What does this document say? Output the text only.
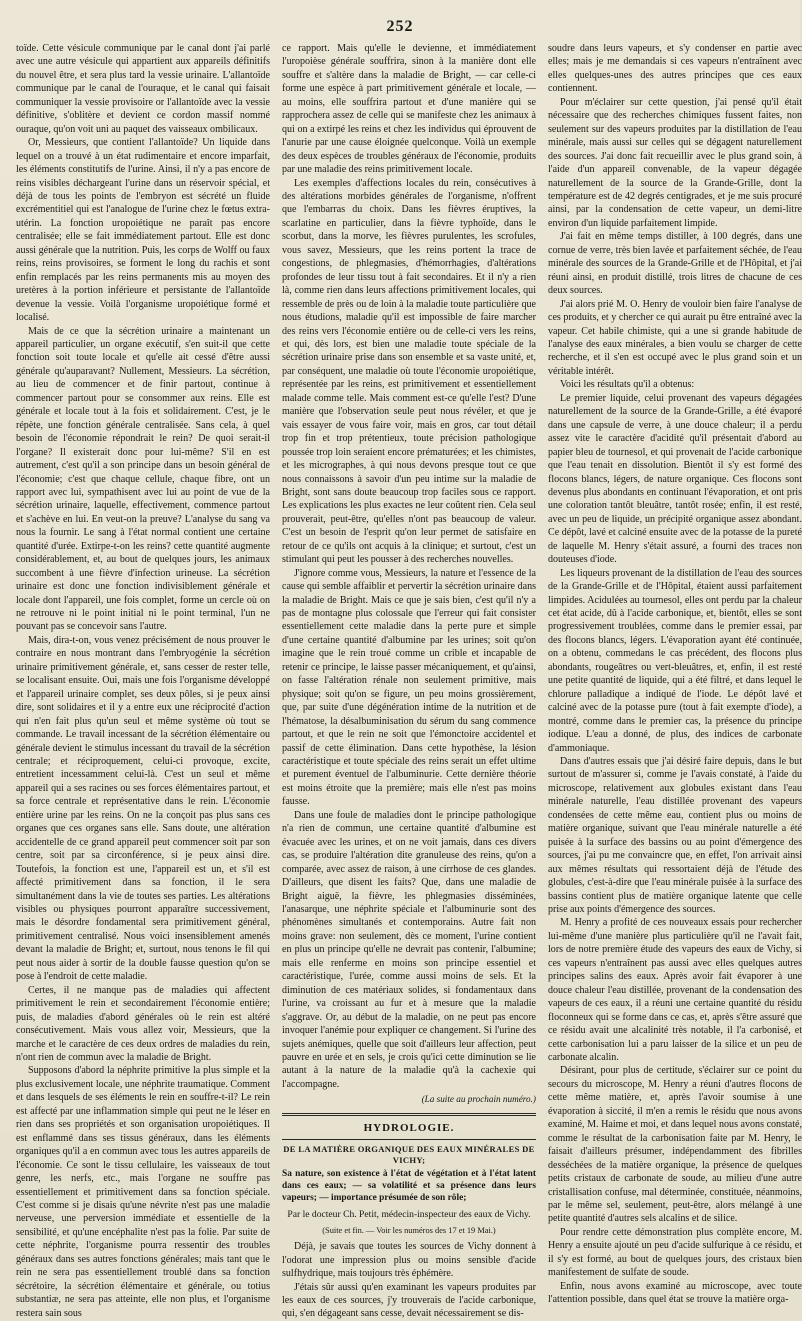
252

toïde. Cette vésicule communique par le canal dont j'ai parlé avec une autre vésicule qui appartient aux appareils définitifs du nouvel être, et sera plus tard la vessie urinaire. L'allantoïde communique par le canal de l'ouraque, et le canal qui faisait communiquer la vessie provisoire or l'allantoïde avec la vessie définitive, s'oblitère et devient ce cordon massif nommé ouraque, qu'on voit uni au paquet des vaisseaux ombilicaux.

Or, Messieurs, que contient l'allantoïde? Un liquide dans lequel on a trouvé à un état rudimentaire et encore imparfait, les éléments constitutifs de l'urine. Ainsi, il n'y a pas encore de reins visibles déchargeant l'urine dans un réservoir spécial, et déjà de tous les points de l'embryon est sécrété un fluide excrémentitiel qui est l'analogue de l'urine chez le fœtus extra-utérin. La fonction uropoiétique ne paraît pas encore centralisée; elle se fait immédiatement partout. Elle est donc aussi générale que la nutrition. Puis, les corps de Wolff ou faux reins, reins provisoires, se forment le long du rachis et sont enfin remplacés par les reins permanents mis au moyen des uretères à la portion inférieure et persistante de l'allantoïde devenue la vessie. Voilà l'organisme uropoiétique formé et localisé.

Mais de ce que la sécrétion urinaire a maintenant un appareil particulier, un organe exécutif, s'en suit-il que cette fonction soit toute locale et qu'elle ait cessé d'être aussi générale qu'auparavant? Nullement, Messieurs. La sécrétion, au lieu de commencer et de finir partout, continue à commencer partout pour se consommer aux reins. Elle est générale et locale tout à la fois et solidairement. C'est, je le répète, une fonction générale centralisée. Sans cela, à quel besoin de l'économie répondrait le rein? De quoi serait-il l'organe? Il existerait donc pour lui-même? S'il en est autrement, c'est qu'il a son principe dans un besoin général de l'économie; c'est que chaque cellule, chaque fibre, ont un rapport avec lui, sympathisent avec lui au point de vue de la sécrétion urinaire, laquelle, effectivement, commence partout et s'achève en lui. En veut-on la preuve? L'analyse du sang va nous la fournir. Le sang à l'état normal contient une certaine quantité d'urée. Extirpe-t-on les reins? cette quantité augmente considérablement, et, au bout de quelques jours, les animaux succombent à une fièvre d'infection urineuse. La sécrétion urinaire est donc une fonction indivisiblement générale et locale dont l'appareil, une fois complet, forme un cercle où on ne retrouve ni le point initial ni le point terminal, l'un ne pouvant pas se concevoir sans l'autre.

Mais, dira-t-on, vous venez précisément de nous prouver le contraire en nous montrant dans l'embryogénie la sécrétion urinaire primitivement générale, et, sans cesser de rester telle, se localisant ensuite. Oui, mais une fois l'organisme développé et l'appareil urinaire complet, ses deux pôles, si je peux ainsi dire, sont solidaires et il y a entre eux une réciprocité d'action qui n'en fait plus qu'un seul et même système où tout se commande. Le travail incessant de la sécrétion élémentaire ou générale devient le stimulus incessant du travail de la sécrétion centrale; et réciproquement, celui-ci provoque, excite, entretient incessamment celui-là. C'est un seul et même appareil qui a ses racines ou ses forces élémentaires partout, et sa force centrale et représentative dans le rein. L'économie entière urine par les reins. On ne la conçoit pas plus sans ces organes que ces organes sans elle. Sans doute, une altération accidentelle de ce grand appareil peut commencer soit par son centre, soit par sa circonférence, si je peux ainsi dire. Toutefois, la fonction est une, l'appareil est un, et s'il est affecté primitivement dans sa fonction, il le sera simultanément dans la vie de toutes ses parties. Les altérations visibles ou physiques pourront apparaître successivement, mais le désordre fondamental sera primitivement général, primitivement centralisé. Nous voici insensiblement amenés devant la maladie de Bright; et, surtout, nous tenons le fil qui peut nous aider à sortir de la double fausse question qu'on se pose à l'endroit de cette maladie.

Certes, il ne manque pas de maladies qui affectent primitivement le rein et secondairement l'économie entière; puis, de maladies d'abord générales où le rein est altéré consécutivement. Mais vous allez voir, Messieurs, que la marche et le caractère de ces deux ordres de maladies du rein, n'ont rien de commun avec la maladie de Bright.

Supposons d'abord la néphrite primitive la plus simple et la plus exclusivement locale, une néphrite traumatique. Comment et dans lesquels de ses éléments le rein en souffre-t-il? Le rein est affecté par une inflammation simple qui peut ne le léser en rien dans ses propriétés et son organisation uropoiétiques. Il est enflammé dans ses tissus généraux, dans les éléments organiques qu'il a en commun avec tous les autres appareils de l'économie. Ce sont le tissu cellulaire, les vaisseaux de tout genre, les nerfs, etc., mais l'organe ne souffre pas essentiellement et primitivement dans sa fonction spéciale. C'est comme si je disais qu'une névrite n'est pas une maladie nerveuse, une perversion immédiate et essentielle de la sensibilité, et qu'une encéphalite n'est pas la folie. Par suite de cette néphrite, l'organisme pourra ressentir des troubles généraux dans ses autres fonctions générales; mais tant que le rein ne sera pas essentiellement troublé dans sa fonction sécrétoire, la sécrétion élémentaire et générale, ou totius substantiæ, ne sera pas atteinte, elle non plus, et l'organisme restera sain sous

ce rapport. Mais qu'elle le devienne, et immédiatement l'uropoièse générale souffrira, sinon à la manière dont elle souffre et s'altère dans la maladie de Bright, — car celle-ci forme une espèce à part primitivement générale et locale, — au moins, elle souffrira partout et d'une manière qui se rapprochera assez de celle qui se manifeste chez les animaux à qui on a extirpé les reins et chez les individus qui éprouvent de l'anurie par une cause éloignée quelconque. Voilà un exemple des deux espèces de troubles généraux de l'économie, produits par une maladie des reins primitivement locale.

Les exemples d'affections locales du rein, consécutives à des altérations morbides générales de l'organisme, n'offrent que l'embarras du choix. Dans les fièvres éruptives, la scarlatine en particulier, dans la fièvre typhoïde, dans le scorbut, dans la morve, les fièvres purulentes, les scrofules, vous savez, Messieurs, que les reins portent la trace de congestions, de phlegmasies, d'hémorrhagies, d'altérations profondes de leur tissu tout à fait secondaires. Et il n'y a rien là, comme rien dans leurs affections primitivement locales, qui ressemble de près ou de loin à la maladie toute particulière que nous étudions, maladie qu'il est impossible de faire marcher des reins vers l'économie entière ou de celle-ci vers les reins, et qui, dès lors, est bien une maladie toute spéciale de la sécrétion urinaire prise dans son ensemble et sa vaste unité, et, par conséquent, une maladie où toute l'économie uropoiétique, représentée par les reins, est primitivement et essentiellement malade comme telle. Mais comment est-ce qu'elle l'est? D'une manière que l'observation seule peut nous révéler, et que je vais essayer de vous faire voir, mais en gros, car tout détail trop fin et trop prétentieux, toute précision pathologique poussée trop loin seraient encore prématurées; et les chimistes, et les micrographes, à qui nous devons presque tout ce que nous connaissons à savoir d'un peu intime sur la maladie de Bright, sont sans doute beaucoup trop faciles sous ce rapport. Les explications les plus exactes ne leur coûtent rien. Cela seul prouverait, peut-être, qu'elles n'ont pas beaucoup de valeur. C'est un besoin de l'esprit qu'on leur permet de satisfaire en retour de ce qu'ils ont acquis à la clinique; et surtout, c'est un stimulant qui peut les pousser à des recherches nouvelles.

J'ignore comme vous, Messieurs, la nature et l'essence de la cause qui semble affaiblir et pervertir la sécrétion urinaire dans la maladie de Bright. Mais ce que je sais bien, c'est qu'il n'y a pas de montagne plus colossale que l'erreur qui fait consister essentiellement cette maladie dans la perte pure et simple d'une certaine quantité d'albumine par les urines; soit qu'on imagine que le rein troué comme un crible et incapable de retenir ce principe, le laisse passer mécaniquement, et qu'ainsi, on fasse l'altération rénale non seulement primitive, mais physique; soit qu'on se figure, un peu moins grossièrement, que, par suite d'une dégénération intime de la nutrition et de l'hématose, la désalbuminisation du sérum du sang commence partout, et que le rein ne soit que l'émonctoire accidentel et passif de cette élimination. Dans cette hypothèse, la lésion caractéristique et toute spéciale des reins serait un effet ultime et purement éventuel de l'albuminurie. Cette dernière théorie est moins étroite que la première; mais elle n'est pas moins fausse.

Dans une foule de maladies dont le principe pathologique n'a rien de commun, une certaine quantité d'albumine est évacuée avec les urines, et on ne voit jamais, dans ces divers cas, se produire l'altération dite granuleuse des reins, qu'on a comparée, avec assez de raison, à une cirrhose de ces glandes. D'ailleurs, que disent les faits? Que, dans une maladie de Bright aiguë, la fièvre, les phlegmasies disséminées, l'anasarque, une néphrite spéciale et l'albuminurie sont des phénomènes simultanés et contemporains. Autre fait non moins grave: non seulement, dès ce moment, l'urine contient en plus un principe qu'elle ne devrait pas contenir, l'albumine; mais elle renferme en moins son principe essentiel et caractéristique, l'urée, comme aussi moins de sels. Et la diminution de ces matériaux solides, si fondamentaux dans l'urine, va croissant au fur et à mesure que la maladie s'aggrave. Or, au début de la maladie, on ne peut pas encore invoquer l'anémie pour expliquer ce changement. Si l'urine des sujets anémiques, quelle que soit d'ailleurs leur affection, peut pauvre en urée et en sels, je crois qu'ici cette diminution se lie autant à la nature de la maladie qu'à la cachexie qui l'accompagne.

(La suite au prochain numéro.)
HYDROLOGIE.
DE LA MATIÈRE ORGANIQUE DES EAUX MINÉRALES DE VICHY;
Sa nature, son existence à l'état de végétation et à l'état latent dans ces eaux; — sa volatilité et sa présence dans leurs vapeurs; — importance présumée de son rôle;
Par le docteur Ch. Petit, médecin-inspecteur des eaux de Vichy.
(Suite et fin. — Voir les numéros des 17 et 19 Mai.)

Déjà, je savais que toutes les sources de Vichy donnent à l'odorat une impression plus ou moins sensible d'acide sulfhydrique, mais toujours très éphémère.

J'étais sûr aussi qu'en examinant les vapeurs produites par les eaux de ces sources, j'y trouverais de l'acide carbonique, qui, s'en dégageant sans cesse, devait nécessairement se dis-

soudre dans leurs vapeurs, et s'y condenser en partie avec elles; mais je me demandais si ces vapeurs n'entraînent avec elles quelques-unes des autres principes que ces eaux contiennent.

Pour m'éclairer sur cette question, j'ai pensé qu'il était nécessaire que des recherches chimiques fussent faites, non seulement sur des vapeurs produites par la distillation de l'eau minérale, mais aussi sur celles qui se dégagent naturellement des sources. J'ai donc fait recueillir avec le plus grand soin, à l'aide d'un appareil convenable, de la vapeur dégagée naturellement de la source de la Grande-Grille, dont la température est de 42 degrés centigrades, et je me suis procuré ainsi, par la condensation de cette vapeur, un demi-litre environ d'un liquide parfaitement limpide.

J'ai fait en même temps distiller, à 100 degrés, dans une cornue de verre, très bien lavée et parfaitement séchée, de l'eau minérale des sources de la Grande-Grille et de l'Hôpital, et j'ai réuni ainsi, en produit distillé, trois litres de chacune de ces deux sources.

J'ai alors prié M. O. Henry de vouloir bien faire l'analyse de ces produits, et y chercher ce qui aurait pu être entraîné avec la vapeur. Cet habile chimiste, qui a une si grande habitude de l'analyse des eaux minérales, a bien voulu se charger de cette recherche, et il s'en est occupé avec le plus grand soin et un véritable intérêt.

Voici les résultats qu'il a obtenus:

Le premier liquide, celui provenant des vapeurs dégagées naturellement de la source de la Grande-Grille, a été évaporé dans une capsule de verre, à une douce chaleur; il a perdu assez vite le caractère d'acidité qu'il présentait d'abord au papier bleu de tournesol, et qui provenait de l'acide carbonique que l'eau tenait en dissolution. Bientôt il s'y est formé des flocons blancs, légers, de nature organique. Ces flocons sont devenus plus abondants en continuant l'évaporation, et ont pris une coloration tantôt bleuâtre, tantôt rosée; enfin, il est resté, avec un peu de liquide, un précipité organique assez abondant. Ce dépôt, lavé et calciné ensuite avec de la potasse de la pureté de laquelle M. Henry s'était assuré, a fourni des traces non douteuses d'iode.

Les liqueurs provenant de la distillation de l'eau des sources de la Grande-Grille et de l'Hôpital, étaient aussi parfaitement limpides. Acidulées au tournesol, elles ont perdu par la chaleur cet état acide, dû à l'acide carbonique, et, bientôt, elles se sont progressivement troublées, comme dans le premier essai, par des flocons blancs, légers. L'évaporation ayant été continuée, on a obtenu, commedans le cas précédent, des flocons plus abondants, rougeâtres ou vert-bleuâtres, et, enfin, il est resté une petite quantité de liquide, qui a été filtré, et dans lequel le chlorure palladique a indiqué de l'iode. Le dépôt lavé et calciné avec de la potasse pure (tout à fait exempte d'iode), a montré, comme dans le premier cas, la présence du principe iodique. L'eau a donné, de plus, des indices de carbonate d'ammoniaque.

Dans d'autres essais que j'ai désiré faire depuis, dans le but surtout de m'assurer si, comme je l'avais constaté, à l'aide du microscope, relativement aux globules existant dans l'eau minérale naturelle, l'eau distillée provenant des vapeurs condensées de cette même eau, contient plus ou moins de matière organique, suivant que l'eau minérale naturelle a été puisée à la surface des bassins ou au point d'émergence des sources, j'ai pu me convaincre que, en effet, l'on arrivait ainsi aux mêmes résultats qui ressortaient déjà de l'étude des globules, c'est-à-dire que l'eau minérale puisée à la surface des bassins contient plus de matière organique latente que celle prise aux points d'émergence des sources.

M. Henry a profité de ces nouveaux essais pour rechercher lui-même d'une manière plus particulière qu'il ne l'avait fait, lors de notre première étude des vapeurs des eaux de Vichy, si ces vapeurs n'entraînent pas aussi avec elles quelques autres principes salins des eaux. Après avoir fait évaporer à une douce chaleur l'eau distillée, provenant de la condensation des vapeurs de ces eaux, il a réuni une certaine quantité du résidu floconneux qui se forme dans ce cas, et, après s'être assuré que ce résidu avait une alcalinité très notable, il l'a carbonisé, et cette carbonisation lui a paru laisser de la silice et un peu de carbonate alcalin.

Désirant, pour plus de certitude, s'éclairer sur ce point du secours du microscope, M. Henry a réuni d'autres flocons de cette même matière, et, après l'avoir soumise à une évaporation à siccité, il m'en a remis le résidu que nous avons examiné, M. Haime et moi, et dans lequel nous avons constaté, comme le résultat de la carbonisation faite par M. Henry, le faisait d'ailleurs présumer, indépendamment des fibrilles desséchées de la matière organique, la présence de quelques petits cristaux de carbonate de soude, au milieu d'une autre cristallisation confuse, mal déterminée, constituée, néanmoins, par le même sel, seulement, peut-être, alors mélangé à une petite quantité d'autres sels alcalins et de silice.

Pour rendre cette démonstration plus complète encore, M. Henry a ensuite ajouté un peu d'acide sulfurique à ce résidu, et il s'y est formé, au bout de quelques jours, des cristaux bien manifestement de sulfate de soude.

Enfin, nous avons examiné au microscope, avec toute l'attention possible, dans quel état se trouve la matière orga-
